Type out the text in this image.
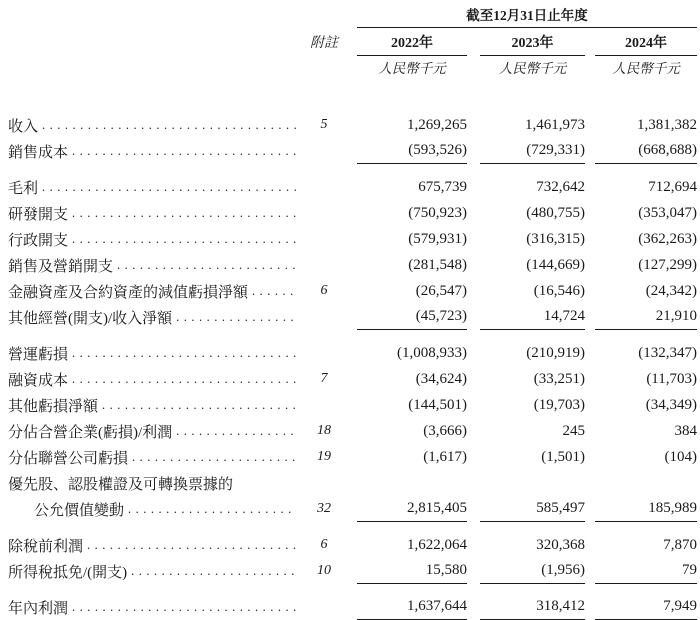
截至12月31日止年度
附註	2022年	2023年	2024年
人民幣千元	人民幣千元	人民幣千元
收入 .....	5	1,269,265	1,461,973	1,381,382
銷售成本 .....	(593,526)	(729,331)	(668,688)
毛利 .....	675,739	732,642	712,694
研發開支 .....	(750,923)	(480,755)	(353,047)
行政開支 .....	(579,931)	(316,315)	(362,263)
銷售及營銷開支 .....	(281,548)	(144,669)	(127,299)
金融資產及合約資產的減值虧損淨額 .....	6	(26,547)	(16,546)	(24,342)
其他經營(開支)/收入淨額 .....	(45,723)	14,724	21,910
營運虧損 .....	(1,008,933)	(210,919)	(132,347)
融資成本 .....	7	(34,624)	(33,251)	(11,703)
其他虧損淨額 .....	(144,501)	(19,703)	(34,349)
分佔合營企業(虧損)/利潤 .....	18	(3,666)	245	384
分佔聯營公司虧損 .....	19	(1,617)	(1,501)	(104)
優先股、認股權證及可轉換票據的
公允價值變動 .....	32	2,815,405	585,497	185,989
除稅前利潤 .....	6	1,622,064	320,368	7,870
所得稅抵免/(開支) .....	10	15,580	(1,956)	79
年內利潤 .....	1,637,644	318,412	7,949
